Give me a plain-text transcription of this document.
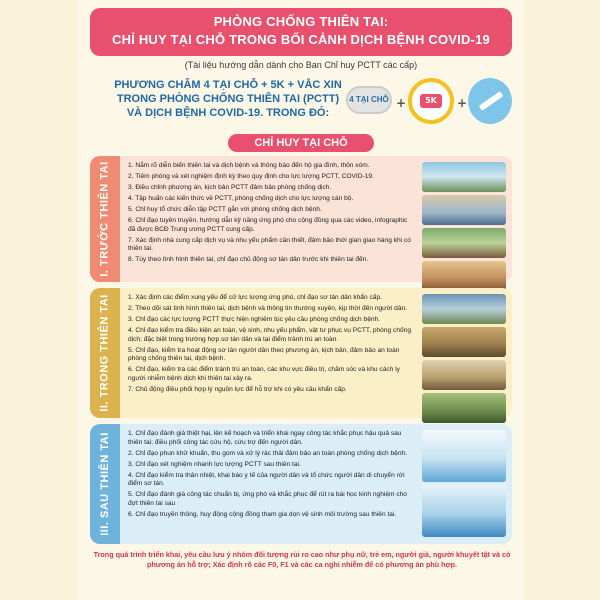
PHÒNG CHỐNG THIÊN TAI:
CHỈ HUY TẠI CHỖ TRONG BỐI CẢNH DỊCH BỆNH COVID-19
(Tài liệu hướng dẫn dành cho Ban Chỉ huy PCTT các cấp)
PHƯƠNG CHÂM 4 TẠI CHỖ + 5K + VẮC XIN
TRONG PHÒNG CHỐNG THIÊN TAI (PCTT)
VÀ DỊCH BỆNH COVID-19. TRONG ĐÓ:
4 TẠI CHỖ +	5K	+
CHỈ HUY TẠI CHỖ
I. TRƯỚC THIÊN TAI	1. Nắm rõ diễn biến thiên tai và dịch bệnh và thông báo đến hộ gia đình, thôn xóm.
2. Tiêm phòng và xét nghiệm định kỳ theo quy định cho lực lượng PCTT, COVID-19.
3. Điều chỉnh phương án, kịch bản PCTT đảm bảo phòng chống dịch.
4. Tập huấn các kiến thức về PCTT, phòng chống dịch cho lực lượng cán bộ.
5. Chỉ huy tổ chức diễn tập PCTT gắn với phòng chống dịch bệnh.
6. Chỉ đạo tuyên truyền, hướng dẫn kỹ năng ứng phó cho cộng đồng qua các video, infographic đã được BCĐ Trung ương PCTT cung cấp.
7. Xác định nhà cung cấp dịch vụ và nhu yếu phẩm cần thiết, đảm bảo thời gian giao hàng khi có thiên tai.
8. Tùy theo tình hình thiên tai, chỉ đạo chủ động sơ tán dân trước khi thiên tai đến.
II. TRONG THIÊN TAI	1. Xác định các điểm xung yếu để cử lực lượng ứng phó, chỉ đạo sơ tán dân khẩn cấp.
2. Theo dõi sát tình hình thiên tai, dịch bệnh và thông tin thường xuyên, kịp thời đến người dân.
3. Chỉ đạo các lực lượng PCTT thực hiện nghiêm túc yêu cầu phòng chống dịch bệnh.
4. Chỉ đạo kiểm tra điều kiện an toàn, vệ sinh, nhu yếu phẩm, vật tư phục vụ PCTT, phòng chống dịch; đặc biệt trong trường hợp sơ tán dân và tại điểm tránh trú an toàn.
5. Chỉ đạo, kiểm tra hoạt động sơ tán người dân theo phương án, kịch bản, đảm bảo an toàn phòng chống thiên tai, dịch bệnh.
6. Chỉ đạo, kiểm tra các điểm tránh trú an toàn, các khu vực điều trị, chăm sóc và khu cách ly người nhiễm bệnh dịch khi thiên tai xảy ra.
7. Chủ động điều phối hợp lý nguồn lực để hỗ trợ khi có yêu cầu khẩn cấp.
III. SAU THIÊN TAI	1. Chỉ đạo đánh giá thiệt hại, lên kế hoạch và triển khai ngay công tác khắc phục hậu quả sau thiên tai; điều phối công tác cứu hộ, cứu trợ đến người dân.
2. Chỉ đạo phun khử khuẩn, thu gom và xử lý rác thải đảm bảo an toàn phòng chống dịch bệnh.
3. Chỉ đạo xét nghiệm nhanh lực lượng PCTT sau thiên tai.
4. Chỉ đạo kiểm tra thân nhiệt, khai báo y tế của người dân và tổ chức người dân di chuyển rời điểm sơ tán.
5. Chỉ đạo đánh giá công tác chuẩn bị, ứng phó và khắc phục để rút ra bài học kinh nghiệm cho đợt thiên tai sau
6. Chỉ đạo truyền thông, huy động cộng đồng tham gia dọn vệ sinh môi trường sau thiên tai.
Trong quá trình triển khai, yêu cầu lưu ý nhóm đối tượng rủi ro cao như phụ nữ, trẻ em, người già, người khuyết tật và có phương án hỗ trợ; Xác định rõ các F0, F1 và các ca nghi nhiễm để có phương án phù hợp.
